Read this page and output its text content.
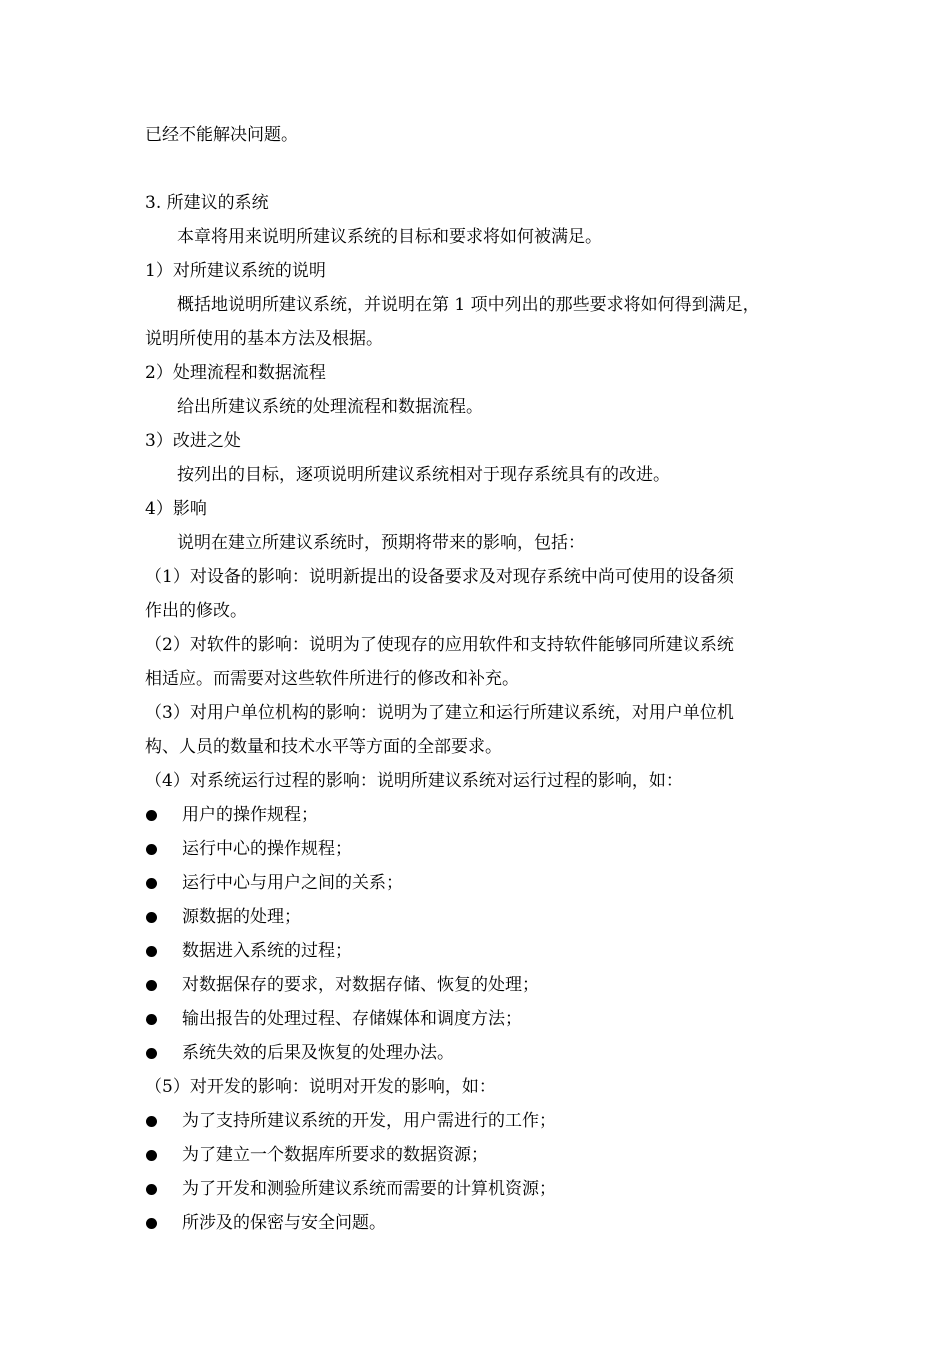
已经不能解决问题。
3. 所建议的系统
本章将用来说明所建议系统的目标和要求将如何被满足。
1）对所建议系统的说明
概括地说明所建议系统，并说明在第 1 项中列出的那些要求将如何得到满足，
说明所使用的基本方法及根据。
2）处理流程和数据流程
给出所建议系统的处理流程和数据流程。
3）改进之处
按列出的目标，逐项说明所建议系统相对于现存系统具有的改进。
4）影响
说明在建立所建议系统时，预期将带来的影响，包括：
（1）对设备的影响：说明新提出的设备要求及对现存系统中尚可使用的设备须
作出的修改。
（2）对软件的影响：说明为了使现存的应用软件和支持软件能够同所建议系统
相适应。而需要对这些软件所进行的修改和补充。
（3）对用户单位机构的影响：说明为了建立和运行所建议系统，对用户单位机
构、人员的数量和技术水平等方面的全部要求。
（4）对系统运行过程的影响：说明所建议系统对运行过程的影响，如：
用户的操作规程；
运行中心的操作规程；
运行中心与用户之间的关系；
源数据的处理；
数据进入系统的过程；
对数据保存的要求，对数据存储、恢复的处理；
输出报告的处理过程、存储媒体和调度方法；
系统失效的后果及恢复的处理办法。
（5）对开发的影响：说明对开发的影响，如：
为了支持所建议系统的开发，用户需进行的工作；
为了建立一个数据库所要求的数据资源；
为了开发和测验所建议系统而需要的计算机资源；
所涉及的保密与安全问题。
